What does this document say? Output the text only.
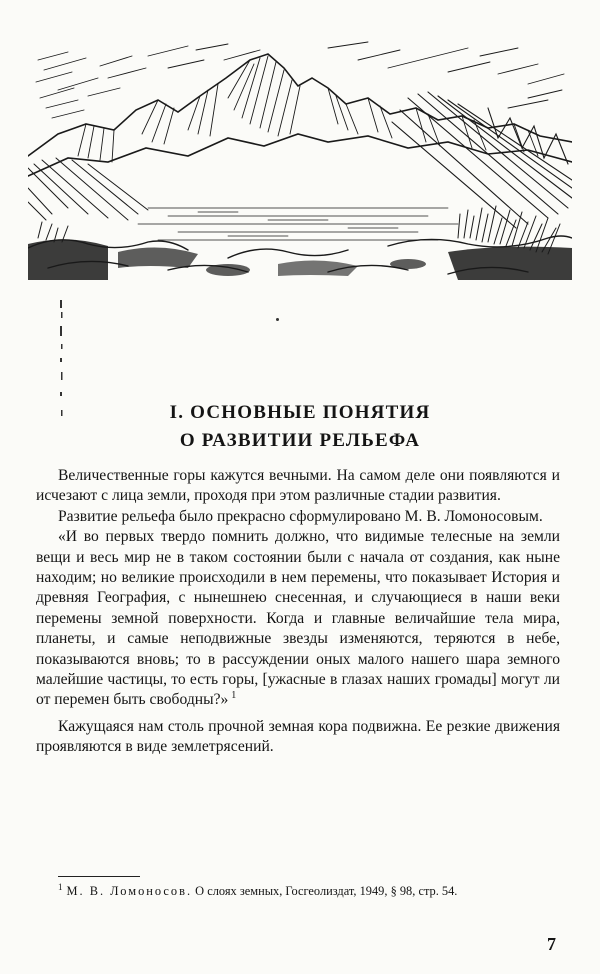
I. ОСНОВНЫЕ ПОНЯТИЯ
О РАЗВИТИИ РЕЛЬЕФА

Величественные горы кажутся вечными. На самом деле они появляются и исчезают с лица земли, проходя при этом различные стадии развития.

Развитие рельефа было прекрасно сформулировано М. В. Ломоносовым.

«И во первых твердо помнить должно, что видимые телесные на земли вещи и весь мир не в таком состоянии были с начала от создания, как ныне находим; но великие происходили в нем перемены, что показывает История и древняя География, с нынешнею снесенная, и случающиеся в наши веки перемены земной поверхности. Когда и главные величайшие тела мира, планеты, и самые неподвижные звезды изменяются, теряются в небе, показываются вновь; то в рассуждении оных малого нашего шара земного малейшие частицы, то есть горы, [ужасные в глазах наших громады] могут ли от перемен быть свободны?» $^1$

Кажущаяся нам столь прочной земная кора подвижна. Ее резкие движения проявляются в виде землетрясений.

$^1$ М. В. Ломоносов. О слоях земных, Госгеолиздат, 1949, § 98, стр. 54.
7
